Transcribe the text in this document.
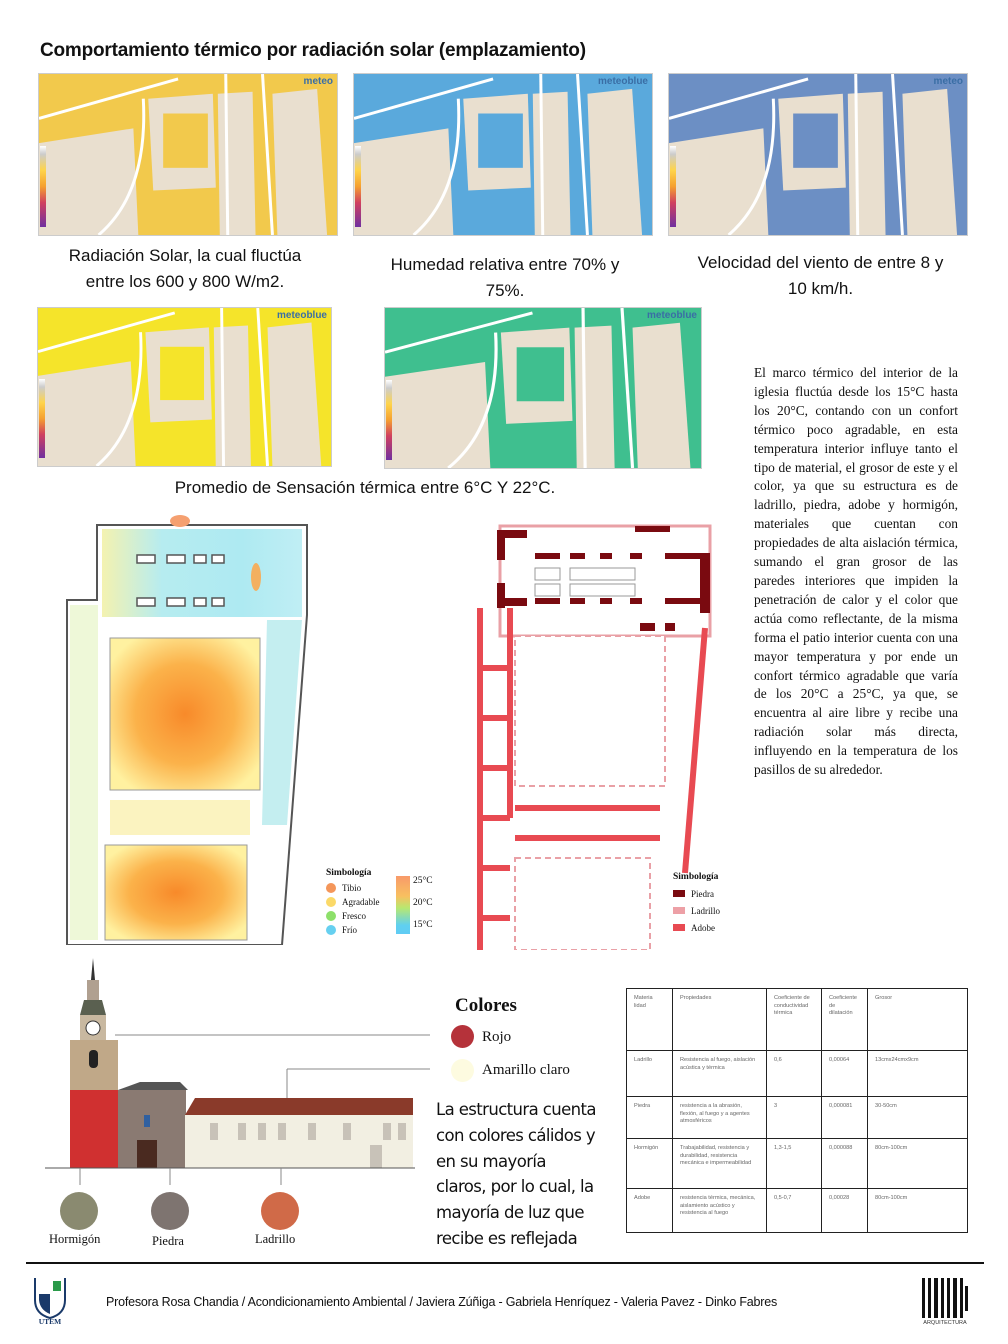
Comportamiento térmico por radiación solar (emplazamiento)
meteo	meteoblue	meteo
Radiación Solar, la cual fluctúa
entre los 600 y 800 W/m2.
Humedad relativa entre 70% y
75%.
Velocidad del viento de entre 8 y
10 km/h.
meteoblue	meteoblue
Promedio de Sensación térmica entre 6°C Y 22°C.
El marco térmico del interior de la iglesia fluctúa desde los 15°C hasta los 20°C, contando con un confort térmico poco agradable, en esta temperatura interior influye tanto el tipo de material, el grosor de este y el color, ya que su estructura es de ladrillo, piedra, adobe y hormigón, materiales que cuentan con propiedades de alta aislación térmica, sumando el gran grosor de las paredes interiores que impiden la penetración de calor y el color que actúa como reflectante, de la misma forma el patio interior cuenta con una mayor temperatura y por ende un confort térmico agradable que varía de los 20°C a 25°C, ya que, se encuentra al aire libre y recibe una radiación solar más directa, influyendo en la temperatura de los pasillos de su alrededor.
Simbología
Tibio
Agradable
Fresco
Frío
25°C
20°C
15°C
Simbología
Piedra
Ladrillo
Adobe
Hormigón	Piedra	Ladrillo
Colores
Rojo
Amarillo claro
La estructura cuenta
con colores cálidos y
en su mayoría
claros, por lo cual, la
mayoría de luz que
recibe es reflejada
Materia lidad	Propiedades	Coeficiente de conductividad térmica	Coeficiente de dilatación	Grosor
Ladrillo	Resistencia al fuego, aislación acústica y térmica	0,6	0,00064	13cmx24cmx9cm
Piedra	resistencia a la abrasión, flexión, al fuego y a agentes atmosféricos	3	0,000081	30-50cm
Hormigón	Trabajabilidad, resistencia y durabilidad, resistencia mecánica e impermeabilidad	1,3-1,5	0,000088	80cm-100cm
Adobe	resistencia térmica, mecánica, aislamiento acústico y resistencia al fuego	0,5-0,7	0,00028	80cm-100cm
UTEM
Profesora Rosa Chandia / Acondicionamiento Ambiental / Javiera Zúñiga - Gabriela Henríquez - Valeria Pavez - Dinko Fabres
ARQUITECTURA
